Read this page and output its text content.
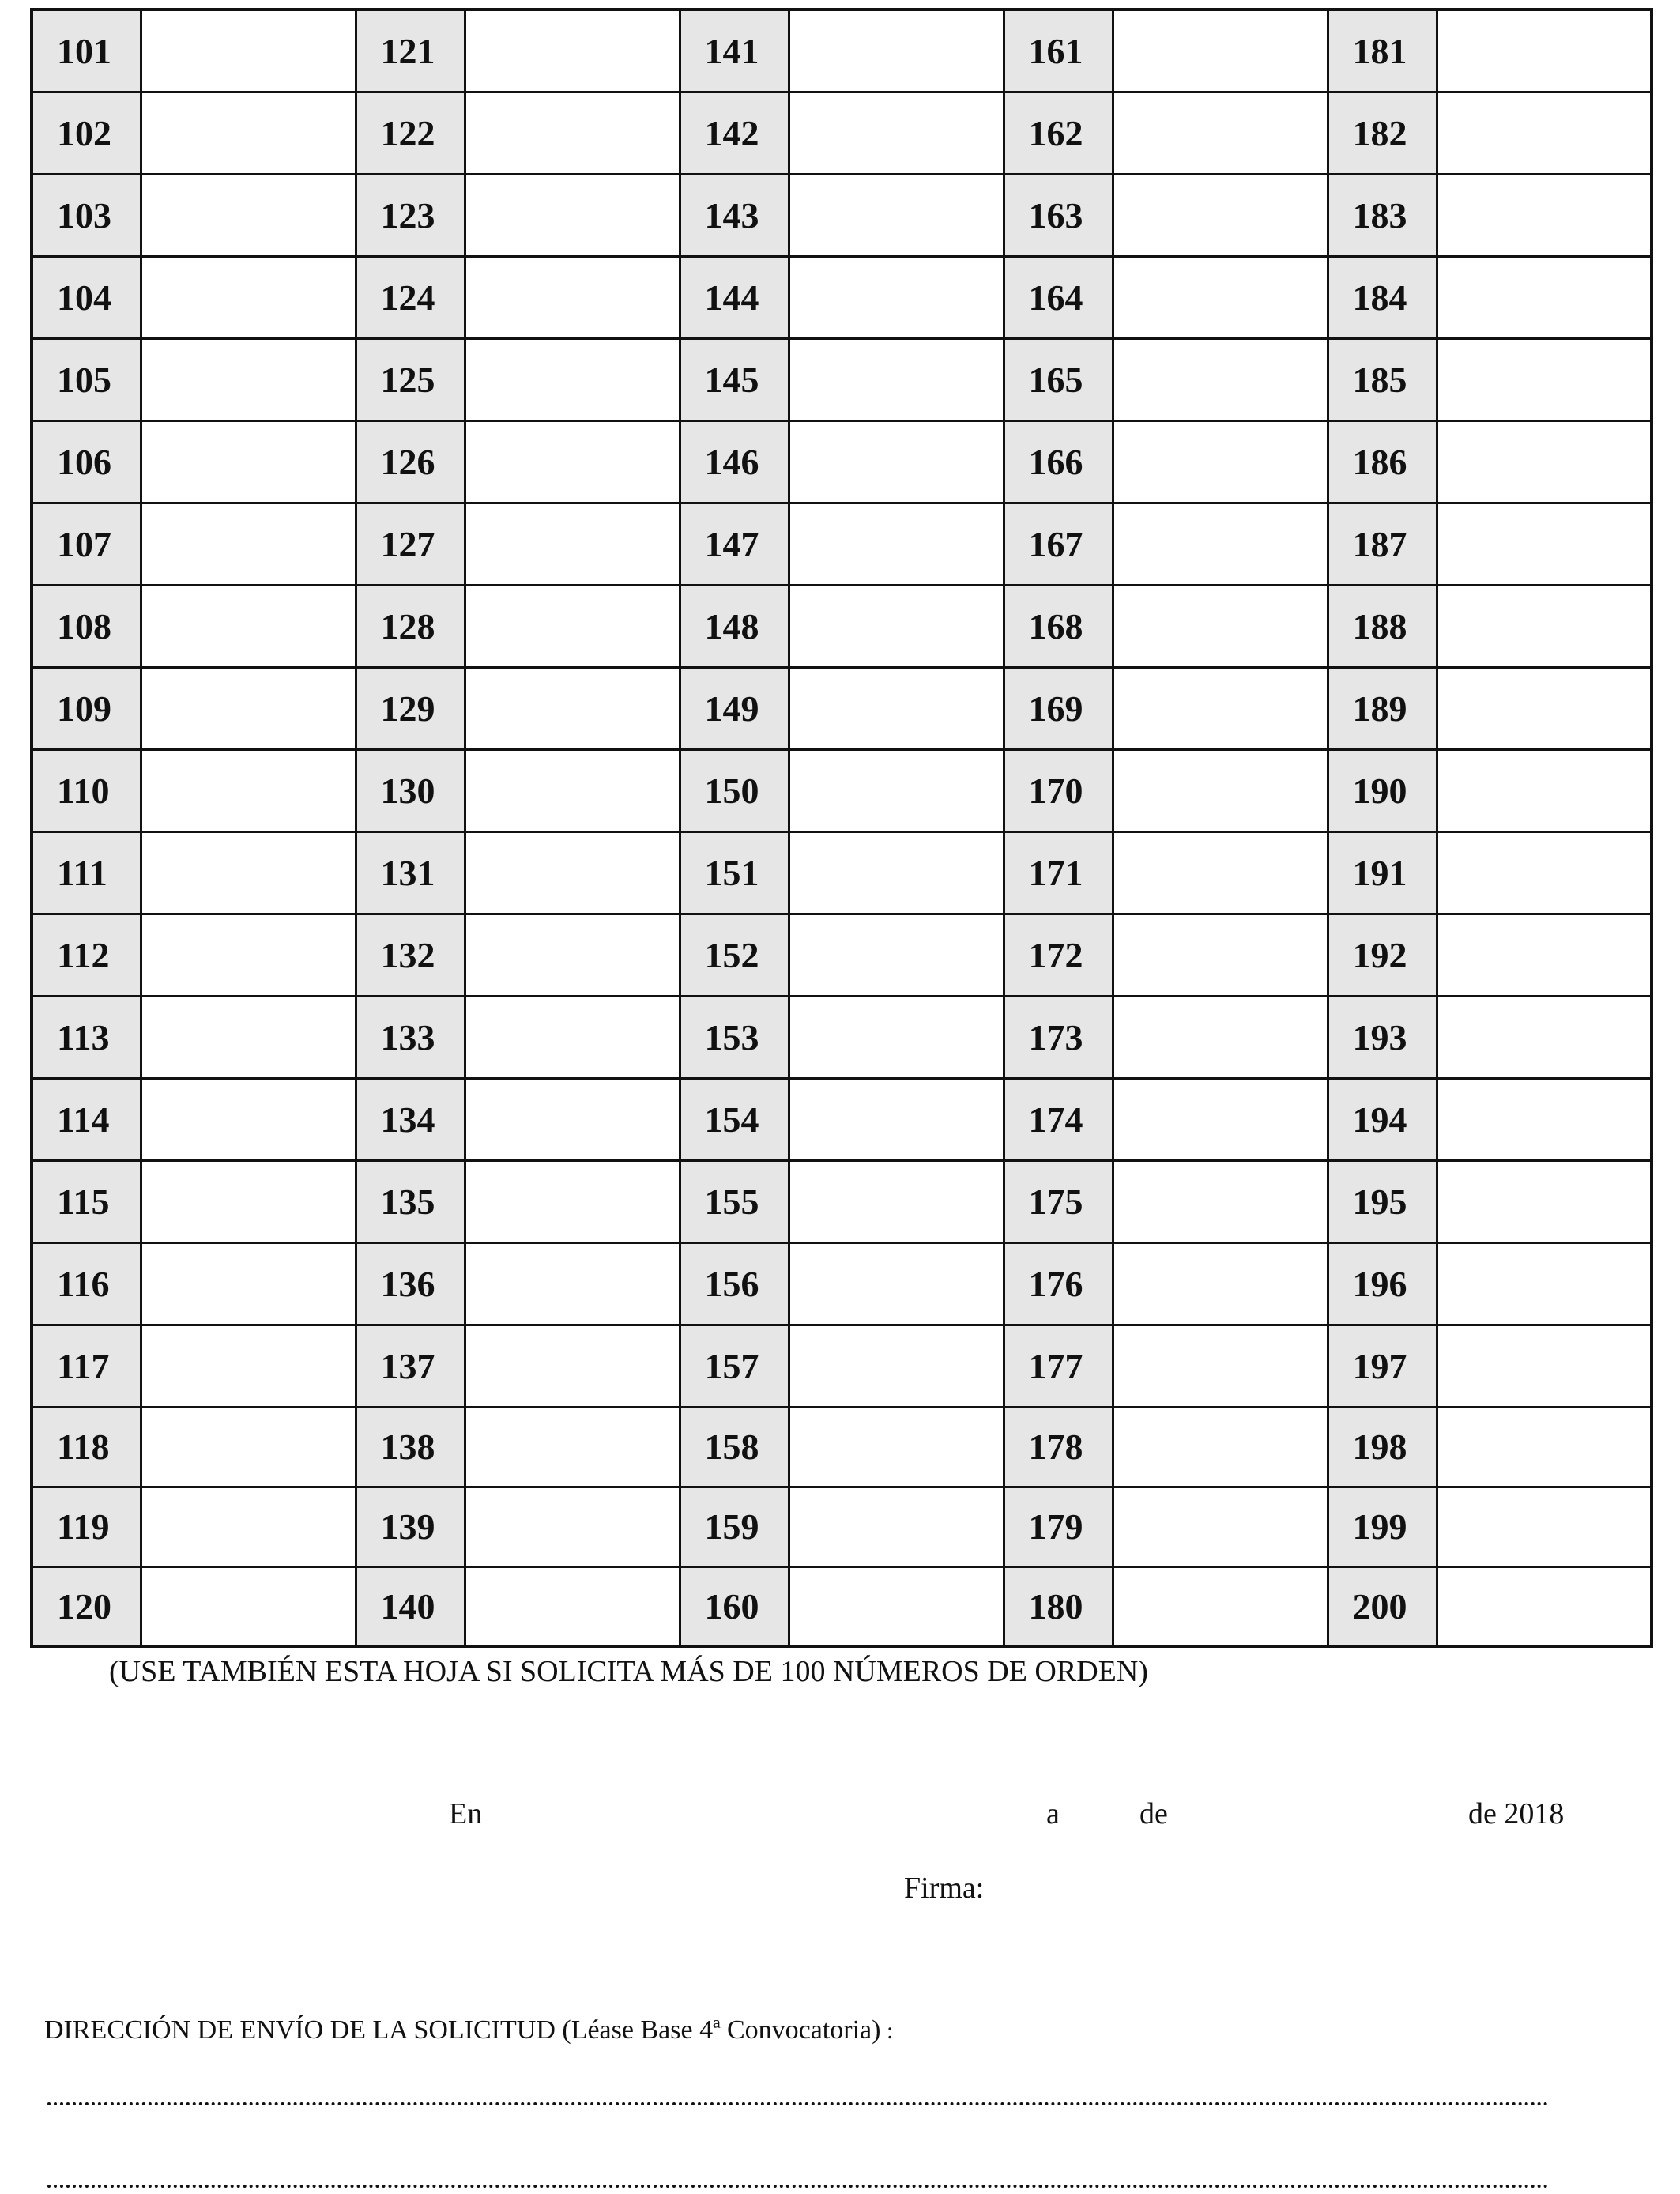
101		121		141		161		181	
102		122		142		162		182	
103		123		143		163		183	
104		124		144		164		184	
105		125		145		165		185	
106		126		146		166		186	
107		127		147		167		187	
108		128		148		168		188	
109		129		149		169		189	
110		130		150		170		190	
111		131		151		171		191	
112		132		152		172		192	
113		133		153		173		193	
114		134		154		174		194	
115		135		155		175		195	
116		136		156		176		196	
117		137		157		177		197	
118		138		158		178		198	
119		139		159		179		199	
120		140		160		180		200	
(USE TAMBIÉN ESTA HOJA SI SOLICITA MÁS DE 100 NÚMEROS DE ORDEN)
En	a	de	de 2018
Firma:
DIRECCIÓN DE ENVÍO DE LA SOLICITUD (Léase Base 4ª Convocatoria) :
